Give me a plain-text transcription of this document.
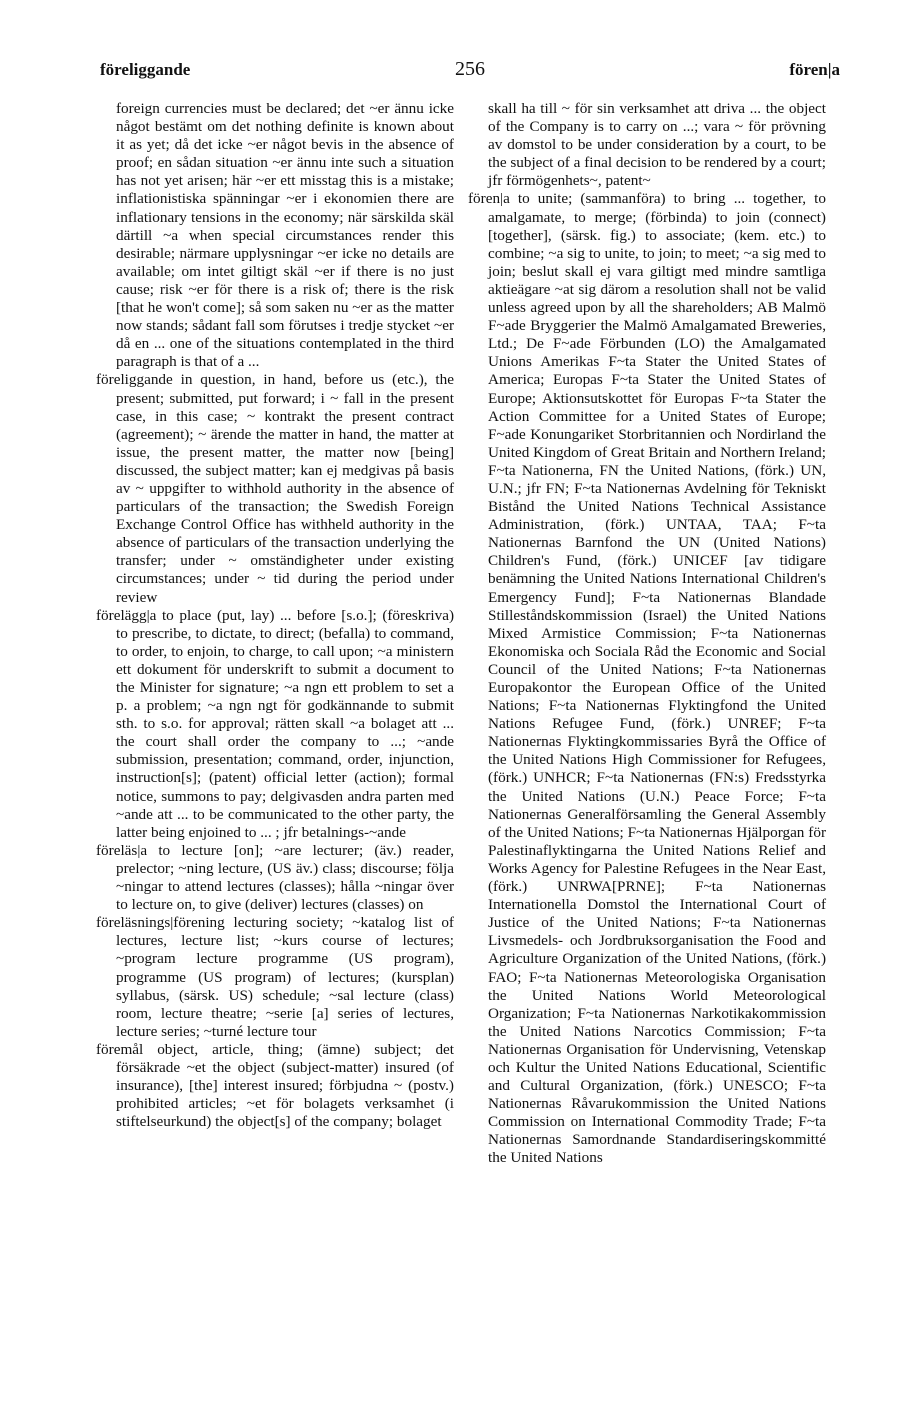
föreliggande	256	fören|a

foreign currencies must be declared; det ~er ännu icke något bestämt om det nothing definite is known about it as yet; då det icke ~er något bevis in the absence of proof; en sådan situation ~er ännu inte such a situation has not yet arisen; här ~er ett misstag this is a mistake; inflationistiska spänningar ~er i ekonomien there are inflationary tensions in the economy; när särskilda skäl därtill ~a when special circumstances render this desirable; närmare upplysningar ~er icke no details are available; om intet giltigt skäl ~er if there is no just cause; risk ~er för there is a risk of; there is the risk [that he won't come]; så som saken nu ~er as the matter now stands; sådant fall som förutses i tredje stycket ~er då en ... one of the situations contemplated in the third paragraph is that of a ...

föreliggande in question, in hand, before us (etc.), the present; submitted, put forward; i ~ fall in the present case, in this case; ~ kontrakt the present contract (agreement); ~ ärende the matter in hand, the matter at issue, the present matter, the matter now [being] discussed, the subject matter; kan ej medgivas på basis av ~ uppgifter to withhold authority in the absence of particulars of the transaction; the Swedish Foreign Exchange Control Office has withheld authority in the absence of particulars of the transaction underlying the transfer; under ~ omständigheter under existing circumstances; under ~ tid during the period under review

förelägg|a to place (put, lay) ... before [s.o.]; (föreskriva) to prescribe, to dictate, to direct; (befalla) to command, to order, to enjoin, to charge, to call upon; ~a ministern ett dokument för underskrift to submit a document to the Minister for signature; ~a ngn ett problem to set a p. a problem; ~a ngn ngt för godkännande to submit sth. to s.o. for approval; rätten skall ~a bolaget att ... the court shall order the company to ...; ~ande submission, presentation; command, order, injunction, instruction[s]; (patent) official letter (action); formal notice, summons to pay; delgivasden andra parten med ~ande att ... to be communicated to the other party, the latter being enjoined to ... ; jfr betalnings-~ande

föreläs|a to lecture [on]; ~are lecturer; (äv.) reader, prelector; ~ning lecture, (US äv.) class; discourse; följa ~ningar to attend lectures (classes); hålla ~ningar över to lecture on, to give (deliver) lectures (classes) on

föreläsnings|förening lecturing society; ~katalog list of lectures, lecture list; ~kurs course of lectures; ~program lecture programme (US program), programme (US program) of lectures; (kursplan) syllabus, (särsk. US) schedule; ~sal lecture (class) room, lecture theatre; ~serie [a] series of lectures, lecture series; ~turné lecture tour

föremål object, article, thing; (ämne) subject; det försäkrade ~et the object (subject-matter) insured (of insurance), [the] interest insured; förbjudna ~ (postv.) prohibited articles; ~et för bolagets verksamhet (i stiftelseurkund) the object[s] of the company; bolaget

skall ha till ~ för sin verksamhet att driva ... the object of the Company is to carry on ...; vara ~ för prövning av domstol to be under consideration by a court, to be the subject of a final decision to be rendered by a court; jfr förmögenhets~, patent~

fören|a to unite; (sammanföra) to bring ... together, to amalgamate, to merge; (förbinda) to join (connect) [together], (särsk. fig.) to associate; (kem. etc.) to combine; ~a sig to unite, to join; to meet; ~a sig med to join; beslut skall ej vara giltigt med mindre samtliga aktieägare ~at sig därom a resolution shall not be valid unless agreed upon by all the shareholders; AB Malmö F~ade Bryggerier the Malmö Amalgamated Breweries, Ltd.; De F~ade Förbunden (LO) the Amalgamated Unions Amerikas F~ta Stater the United States of America; Europas F~ta Stater the United States of Europe; Aktionsutskottet för Europas F~ta Stater the Action Committee for a United States of Europe; F~ade Konungariket Storbritannien och Nordirland the United Kingdom of Great Britain and Northern Ireland; F~ta Nationerna, FN the United Nations, (förk.) UN, U.N.; jfr FN; F~ta Nationernas Avdelning för Tekniskt Bistånd the United Nations Technical Assistance Administration, (förk.) UNTAA, TAA; F~ta Nationernas Barnfond the UN (United Nations) Children's Fund, (förk.) UNICEF [av tidigare benämning the United Nations International Children's Emergency Fund]; F~ta Nationernas Blandade Stilleståndskommission (Israel) the United Nations Mixed Armistice Commission; F~ta Nationernas Ekonomiska och Sociala Råd the Economic and Social Council of the United Nations; F~ta Nationernas Europakontor the European Office of the United Nations; F~ta Nationernas Flyktingfond the United Nations Refugee Fund, (förk.) UNREF; F~ta Nationernas Flyktingkommissaries Byrå the Office of the United Nations High Commissioner for Refugees, (förk.) UNHCR; F~ta Nationernas (FN:s) Fredsstyrka the United Nations (U.N.) Peace Force; F~ta Nationernas Generalförsamling the General Assembly of the United Nations; F~ta Nationernas Hjälporgan för Palestinaflyktingarna the United Nations Relief and Works Agency for Palestine Refugees in the Near East, (förk.) UNRWA[PRNE]; F~ta Nationernas Internationella Domstol the International Court of Justice of the United Nations; F~ta Nationernas Livsmedels- och Jordbruksorganisation the Food and Agriculture Organization of the United Nations, (förk.) FAO; F~ta Nationernas Meteorologiska Organisation the United Nations World Meteorological Organization; F~ta Nationernas Narkotikakommission the United Nations Narcotics Commission; F~ta Nationernas Organisation för Undervisning, Vetenskap och Kultur the United Nations Educational, Scientific and Cultural Organization, (förk.) UNESCO; F~ta Nationernas Råvarukommission the United Nations Commission on International Commodity Trade; F~ta Nationernas Samordnande Standardiseringskommitté the United Nations
